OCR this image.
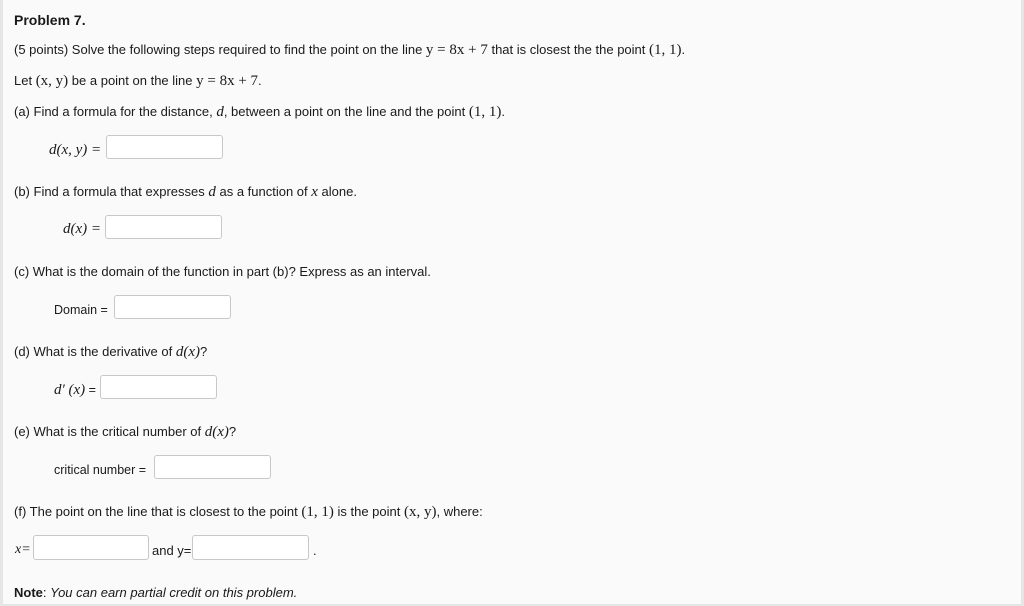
Problem 7.
(5 points) Solve the following steps required to find the point on the line y = 8x + 7 that is closest the the point (1, 1).
Let (x, y) be a point on the line y = 8x + 7.
(a) Find a formula for the distance, d, between a point on the line and the point (1, 1).
d(x, y) =
(b) Find a formula that expresses d as a function of x alone.
d(x) =
(c) What is the domain of the function in part (b)? Express as an interval.
Domain =
(d) What is the derivative of d(x)?
d′ (x) =
(e) What is the critical number of d(x)?
critical number =
(f) The point on the line that is closest to the point (1, 1) is the point (x, y), where:
x=	and y=	.
Note: You can earn partial credit on this problem.
